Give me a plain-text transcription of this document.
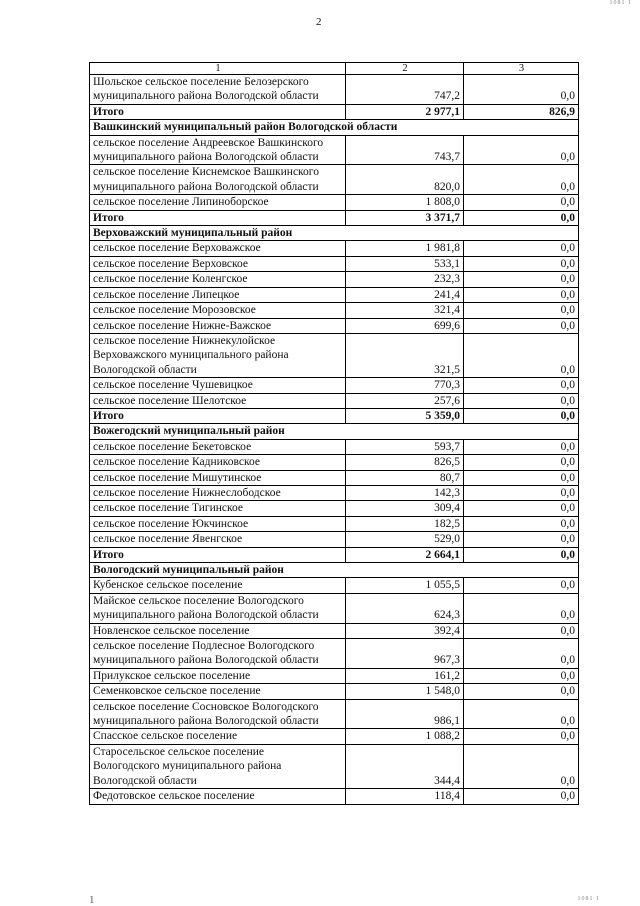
2
1081 1
1	2	3

Шольское сельское поселение Белозерского
муниципального района Вологодской области	747,2	0,0

Итого	2 977,1	826,9

Вашкинский муниципальный район Вологодской области		

сельское поселение Андреевское Вашкинского
муниципального района Вологодской области	743,7	0,0

сельское поселение Киснемское Вашкинского
муниципального района Вологодской области	820,0	0,0

сельское поселение Липиноборское	1 808,0	0,0

Итого	3 371,7	0,0

Верховажский муниципальный район		

сельское поселение Верховажское	1 981,8	0,0

сельское поселение Верховское	533,1	0,0

сельское поселение Коленгское	232,3	0,0

сельское поселение Липецкое	241,4	0,0

сельское поселение Морозовское	321,4	0,0

сельское поселение Нижне-Важское	699,6	0,0

сельское поселение Нижнекулойское
Верховажского муниципального района
Вологодской области	321,5	0,0

сельское поселение Чушевицкое	770,3	0,0

сельское поселение Шелотское	257,6	0,0

Итого	5 359,0	0,0

Вожегодский муниципальный район		

сельское поселение Бекетовское	593,7	0,0

сельское поселение Кадниковское	826,5	0,0

сельское поселение Мишутинское	80,7	0,0

сельское поселение Нижнеслободское	142,3	0,0

сельское поселение Тигинское	309,4	0,0

сельское поселение Юкчинское	182,5	0,0

сельское поселение Явенгское	529,0	0,0

Итого	2 664,1	0,0

Вологодский муниципальный район		

Кубенское сельское поселение	1 055,5	0,0

Майское сельское поселение Вологодского
муниципального района Вологодской области	624,3	0,0

Новленское сельское поселение	392,4	0,0

сельское поселение Подлесное Вологодского
муниципального района Вологодской области	967,3	0,0

Прилукское сельское поселение	161,2	0,0

Семенковское сельское поселение	1 548,0	0,0

сельское поселение Сосновское Вологодского
муниципального района Вологодской области	986,1	0,0

Спасское сельское поселение	1 088,2	0,0

Старосельское сельское поселение
Вологодского муниципального района
Вологодской области	344,4	0,0

Федотовское сельское поселение	118,4	0,0
1	1081 1
